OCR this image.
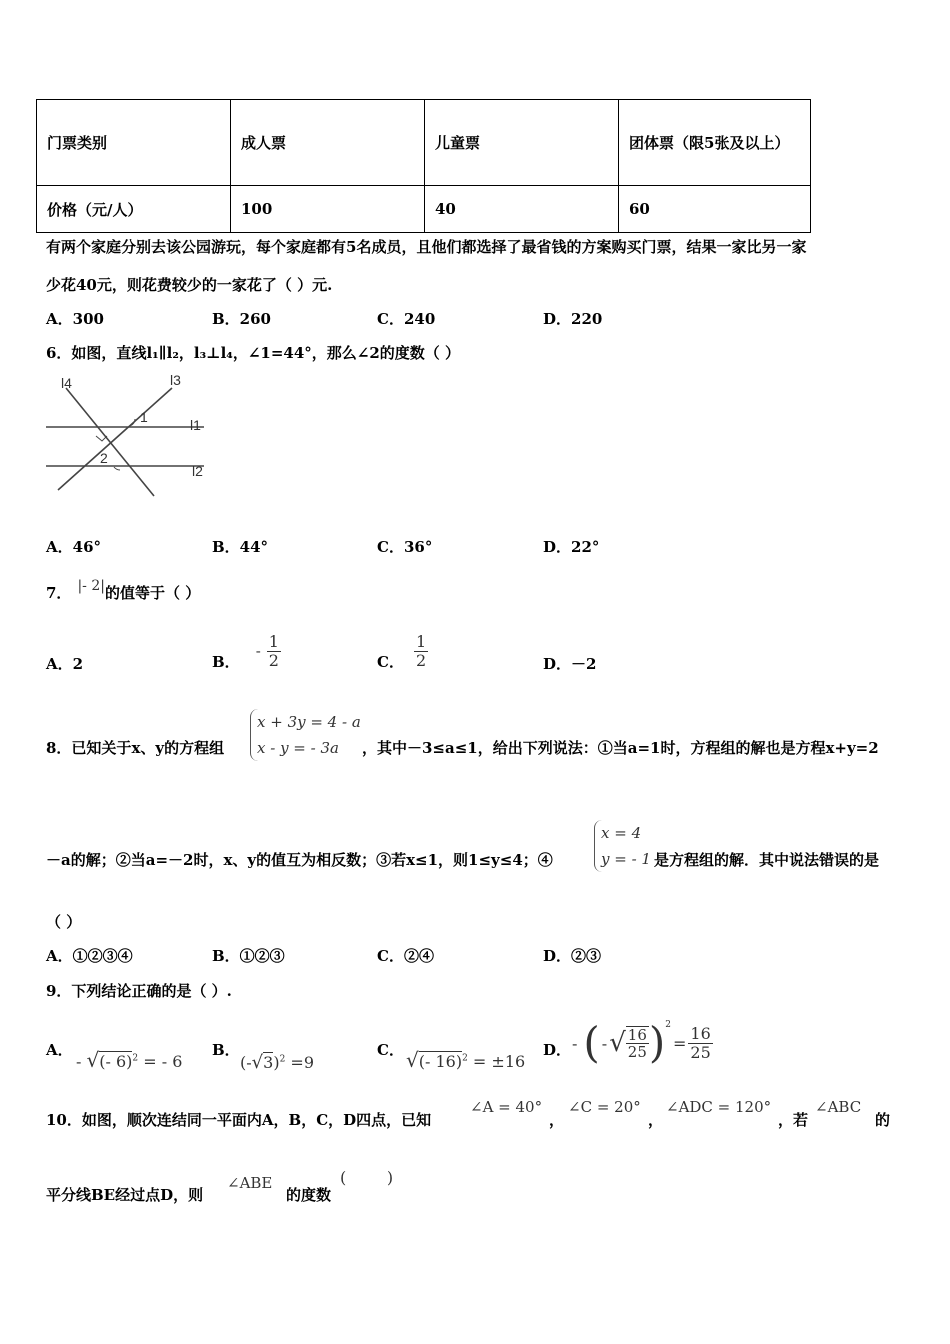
门票类别	成人票	儿童票	团体票（限5张及以上）
价格（元/人）	100	40	60
有两个家庭分别去该公园游玩，每个家庭都有5名成员，且他们都选择了最省钱的方案购买门票，结果一家比另一家
少花40元，则花费较少的一家花了（ ）元.
A．300	B．260	C．240	D．220
6．如图，直线l₁∥l₂，l₃⊥l₄，∠1=44°，那么∠2的度数（ ）
l4	l3
1	l1
2
l2
A．46°	B．44°	C．36°	D．22°
7． |- 2|的值等于（ ）
A．2	B．
- $\frac{1}{2}$	C． $\frac{1}{2}$	D．－2
8．已知关于x、y的方程组
x + 3y = 4 - a
x - y = - 3a	，其中－3≤a≤1，给出下列说法：①当a=1时，方程组的解也是方程x+y=2
－a的解；②当a=－2时，x、y的值互为相反数；③若x≤1，则1≤y≤4；④
x = 4
y = - 1 是方程组的解．其中说法错误的是
（ ）
A．①②③④	B．①②③	C．②④	D．②③
9．下列结论正确的是（ ）.
A．
- √(- 6)$^2$ = - 6
B．
$(-√3)^2 =9$
C． √(- 16)$^2$ = ±16
D． - ( - √ $\frac{16}{25} )^2$
= $\frac{16}{25}$
10．如图，顺次连结同一平面内A，B，C，D四点，已知
∠A = 40°
，
∠C = 20°
，
∠ADC = 120°
，若
∠ABC
的
平分线BE经过点D，则
∠ABE
的度数
(        )
